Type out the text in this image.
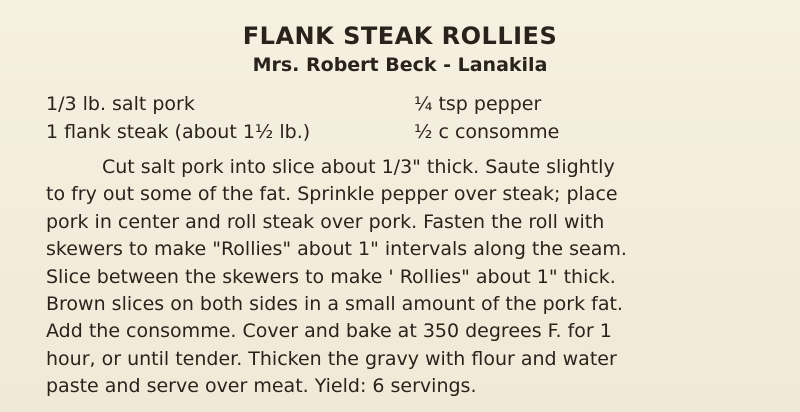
FLANK STEAK ROLLIES
Mrs. Robert Beck - Lanakila
1/3 lb. salt pork
1 flank steak (about 1½ lb.)
¼ tsp pepper
½ c consomme
Cut salt pork into slice about 1/3" thick. Saute slightly
to fry out some of the fat. Sprinkle pepper over steak; place
pork in center and roll steak over pork. Fasten the roll with
skewers to make "Rollies" about 1" intervals along the seam.
Slice between the skewers to make ' Rollies" about 1" thick.
Brown slices on both sides in a small amount of the pork fat.
Add the consomme. Cover and bake at 350 degrees F. for 1
hour, or until tender. Thicken the gravy with flour and water
paste and serve over meat. Yield: 6 servings.
